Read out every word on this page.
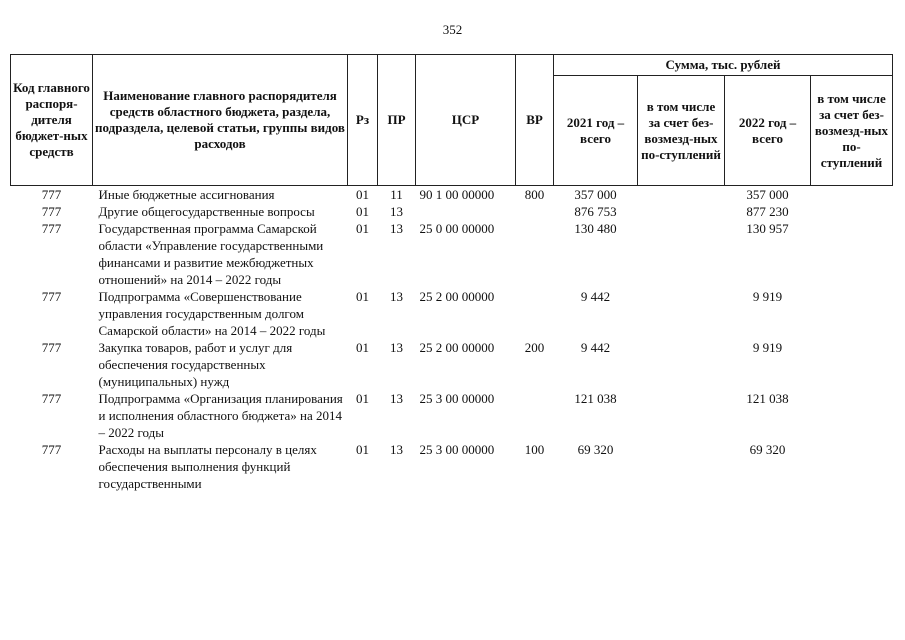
352
Код главного распоря-дителя бюджет-ных средств	Наименование главного распорядителя средств областного бюджета, раздела, подраздела, целевой статьи, группы видов расходов	Рз	ПР	ЦСР	ВР	Сумма, тыс. рублей			
						2021 год – всего	в том числе за счет без-возмезд-ных по-ступлений	2022 год – всего	в том числе за счет без-возмезд-ных по-ступлений
777	Иные бюджетные ассигнования	01	11	90 1 00 00000	800	357 000		357 000	
777	Другие общегосударственные вопросы	01	13			876 753		877 230	
777	Государственная программа Самарской области «Управление государственными финансами и развитие межбюджетных отношений» на 2014 – 2022 годы	01	13	25 0 00 00000		130 480		130 957	
777	Подпрограмма «Совершенствование управления государственным долгом Самарской области» на 2014 – 2022 годы	01	13	25 2 00 00000		9 442		9 919	
777	Закупка товаров, работ и услуг для обеспечения государственных (муниципальных) нужд	01	13	25 2 00 00000	200	9 442		9 919	
777	Подпрограмма «Организация планирования и исполнения областного бюджета» на 2014 – 2022 годы	01	13	25 3 00 00000		121 038		121 038	
777	Расходы на выплаты персоналу в целях обеспечения выполнения функций государственными	01	13	25 3 00 00000	100	69 320		69 320	
